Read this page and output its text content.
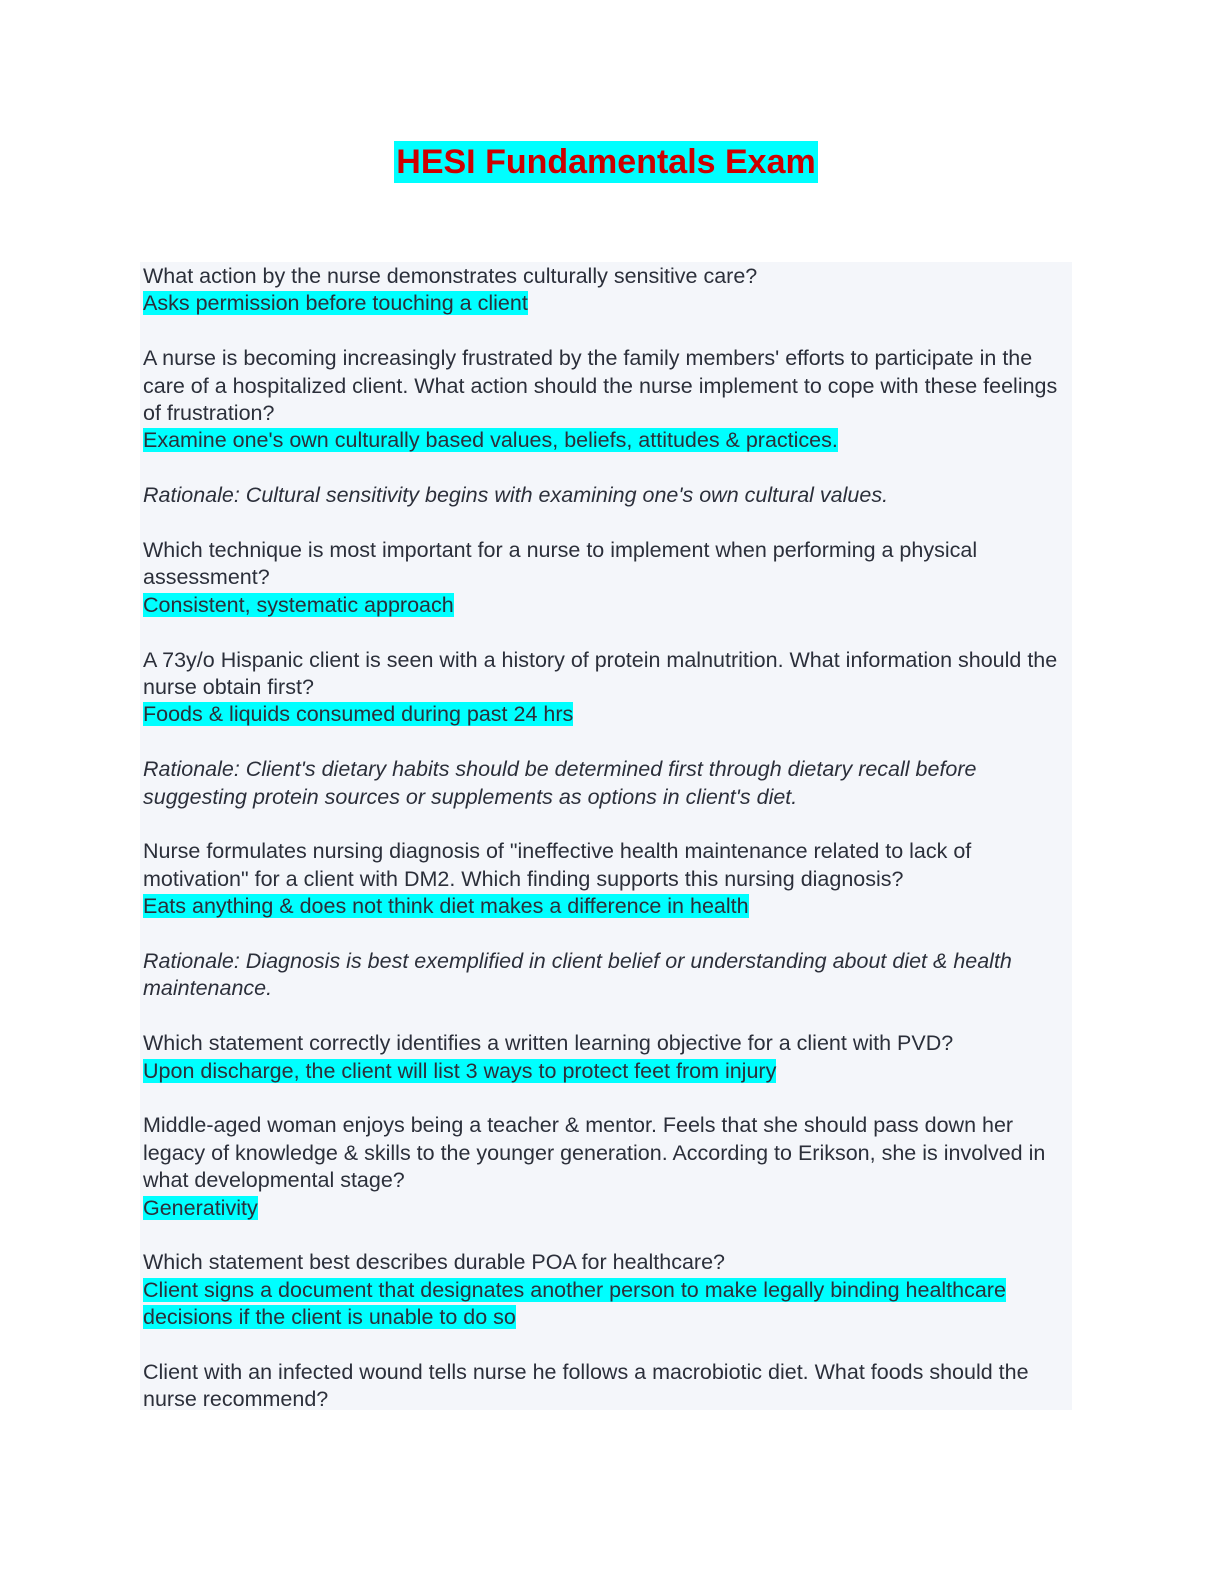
HESI Fundamentals Exam
What action by the nurse demonstrates culturally sensitive care?
Asks permission before touching a client
A nurse is becoming increasingly frustrated by the family members' efforts to participate in the care of a hospitalized client. What action should the nurse implement to cope with these feelings of frustration?
Examine one's own culturally based values, beliefs, attitudes & practices.
Rationale: Cultural sensitivity begins with examining one's own cultural values.
Which technique is most important for a nurse to implement when performing a physical assessment?
Consistent, systematic approach
A 73y/o Hispanic client is seen with a history of protein malnutrition. What information should the nurse obtain first?
Foods & liquids consumed during past 24 hrs
Rationale: Client's dietary habits should be determined first through dietary recall before suggesting protein sources or supplements as options in client's diet.
Nurse formulates nursing diagnosis of "ineffective health maintenance related to lack of motivation" for a client with DM2. Which finding supports this nursing diagnosis?
Eats anything & does not think diet makes a difference in health
Rationale: Diagnosis is best exemplified in client belief or understanding about diet & health maintenance.
Which statement correctly identifies a written learning objective for a client with PVD?
Upon discharge, the client will list 3 ways to protect feet from injury
Middle-aged woman enjoys being a teacher & mentor. Feels that she should pass down her legacy of knowledge & skills to the younger generation. According to Erikson, she is involved in what developmental stage?
Generativity
Which statement best describes durable POA for healthcare?
Client signs a document that designates another person to make legally binding healthcare decisions if the client is unable to do so
Client with an infected wound tells nurse he follows a macrobiotic diet. What foods should the nurse recommend?
